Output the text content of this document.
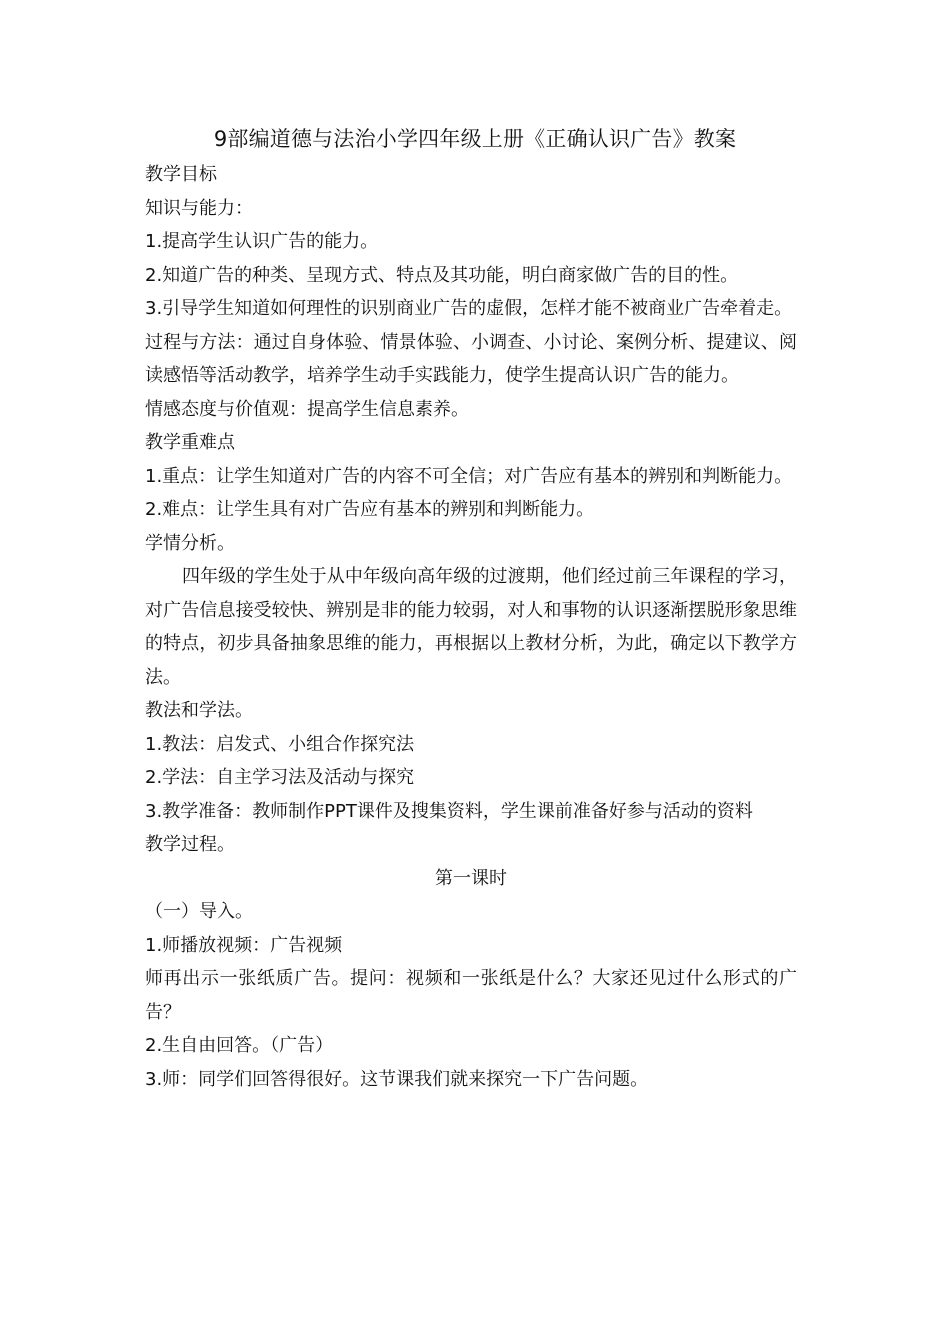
9部编道德与法治小学四年级上册《正确认识广告》教案

教学目标

知识与能力：

1.提高学生认识广告的能力。

2.知道广告的种类、呈现方式、特点及其功能，明白商家做广告的目的性。

3.引导学生知道如何理性的识别商业广告的虚假，怎样才能不被商业广告牵着走。

过程与方法：通过自身体验、情景体验、小调查、小讨论、案例分析、提建议、阅读感悟等活动教学，培养学生动手实践能力，使学生提高认识广告的能力。

情感态度与价值观：提高学生信息素养。

教学重难点

1.重点：让学生知道对广告的内容不可全信；对广告应有基本的辨别和判断能力。

2.难点：让学生具有对广告应有基本的辨别和判断能力。

学情分析。

四年级的学生处于从中年级向高年级的过渡期，他们经过前三年课程的学习，对广告信息接受较快、辨别是非的能力较弱，对人和事物的认识逐渐摆脱形象思维的特点，初步具备抽象思维的能力，再根据以上教材分析，为此，确定以下教学方法。

教法和学法。

1.教法：启发式、小组合作探究法

2.学法：自主学习法及活动与探究

3.教学准备：教师制作PPT课件及搜集资料，学生课前准备好参与活动的资料

教学过程。

第一课时

（一）导入。

1.师播放视频：广告视频

师再出示一张纸质广告。提问：视频和一张纸是什么？大家还见过什么形式的广告？

2.生自由回答。（广告）

3.师：同学们回答得很好。这节课我们就来探究一下广告问题。
